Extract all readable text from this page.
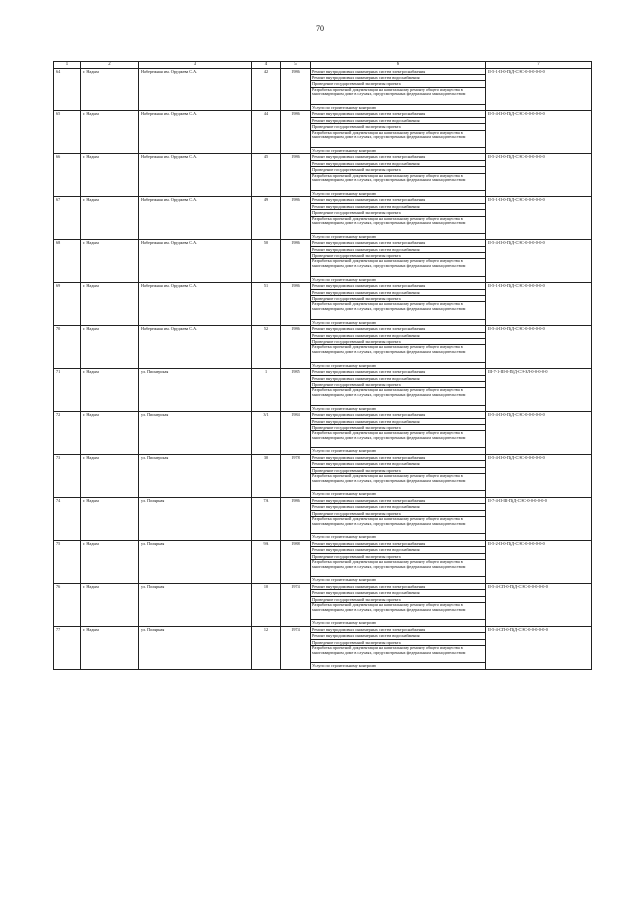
70
1	2	3	4	5	6	7
64	г. Надым	Набережная им. Оруджева С.А.	42	1986	Ремонт внутридомовых инженерных систем электроснабжения	II-5-1-II-0-П(Д-СЭС-0-0-0-0-0-0
					Ремонт внутридомовых инженерных систем водоснабжения	
					Проведение государственной экспертизы проекта	
					Разработка проектной документации на капитальному ремонту общего имущества в многоквартирном доме в случаях, предусмотренных федеральным законодательством	
					Услуги по строительному контролю	
65	г. Надым	Набережная им. Оруджева С.А.	44	1986	Ремонт внутридомовых инженерных систем электроснабжения	II-5-4-II-0-П(Д-СЭС-0-0-0-0-0-0
					Ремонт внутридомовых инженерных систем водоснабжения	
					Проведение государственной экспертизы проекта	
					Разработка проектной документации на капитальному ремонту общего имущества в многоквартирном доме в случаях, предусмотренных федеральным законодательством	
					Услуги по строительному контролю	
66	г. Надым	Набережная им. Оруджева С.А.	45	1986	Ремонт внутридомовых инженерных систем электроснабжения	II-5-2-II-0-П(Д-СЭС-0-0-0-0-0-0
					Ремонт внутридомовых инженерных систем водоснабжения	
					Проведение государственной экспертизы проекта	
					Разработка проектной документации на капитальному ремонту общего имущества в многоквартирном доме в случаях, предусмотренных федеральным законодательством	
					Услуги по строительному контролю	
67	г. Надым	Набережная им. Оруджева С.А.	49	1986	Ремонт внутридомовых инженерных систем электроснабжения	II-5-1-II-0-П(Д-СЭС-0-0-0-0-0-0
					Ремонт внутридомовых инженерных систем водоснабжения	
					Проведение государственной экспертизы проекта	
					Разработка проектной документации на капитальному ремонту общего имущества в многоквартирном доме в случаях, предусмотренных федеральным законодательством	
					Услуги по строительному контролю	
68	г. Надым	Набережная им. Оруджева С.А.	50	1986	Ремонт внутридомовых инженерных систем электроснабжения	II-5-4-II-0-П(Д-СЭС-0-0-0-0-0-0
					Ремонт внутридомовых инженерных систем водоснабжения	
					Проведение государственной экспертизы проекта	
					Разработка проектной документации на капитальному ремонту общего имущества в многоквартирном доме в случаях, предусмотренных федеральным законодательством	
					Услуги по строительному контролю	
69	г. Надым	Набережная им. Оруджева С.А.	51	1986	Ремонт внутридомовых инженерных систем электроснабжения	II-5-1-II-0-П(Д-СЭС-0-0-0-0-0-0
					Ремонт внутридомовых инженерных систем водоснабжения	
					Проведение государственной экспертизы проекта	
					Разработка проектной документации на капитальному ремонту общего имущества в многоквартирном доме в случаях, предусмотренных федеральным законодательством	
					Услуги по строительному контролю	
70	г. Надым	Набережная им. Оруджева С.А.	52	1986	Ремонт внутридомовых инженерных систем электроснабжения	II-5-4-II-0-П(Д-СЭС-0-0-0-0-0-0
					Ремонт внутридомовых инженерных систем водоснабжения	
					Проведение государственной экспертизы проекта	
					Разработка проектной документации на капитальному ремонту общего имущества в многоквартирном доме в случаях, предусмотренных федеральным законодательством	
					Услуги по строительному контролю	
71	г. Надым	ул. Пионерская	1	1985	Ремонт внутридомовых инженерных систем электроснабжения	III-7-1-III-0-П(Д-СЭ-ЗЛ-0-0-0-0-0
					Ремонт внутридомовых инженерных систем водоснабжения	
					Проведение государственной экспертизы проекта	
					Разработка проектной документации на капитальному ремонту общего имущества в многоквартирном доме в случаях, предусмотренных федеральным законодательством	
					Услуги по строительному контролю	
72	г. Надым	ул. Пионерская	3/1	1984	Ремонт внутридомовых инженерных систем электроснабжения	II-5-4-II-0-П(Д-СЭС-0-0-0-0-0-0
					Ремонт внутридомовых инженерных систем водоснабжения	
					Проведение государственной экспертизы проекта	
					Разработка проектной документации на капитальному ремонту общего имущества в многоквартирном доме в случаях, предусмотренных федеральным законодательством	
					Услуги по строительному контролю	
73	г. Надым	ул. Пионерская	30	1978	Ремонт внутридомовых инженерных систем электроснабжения	II-5-4-II-0-П(Д-СЭС-0-0-0-0-0-0
					Ремонт внутридомовых инженерных систем водоснабжения	
					Проведение государственной экспертизы проекта	
					Разработка проектной документации на капитальному ремонту общего имущества в многоквартирном доме в случаях, предусмотренных федеральным законодательством	
					Услуги по строительному контролю	
74	г. Надым	ул. Полярная	7А	1986	Ремонт внутридомовых инженерных систем электроснабжения	II-7-4-II-III-П(Д-СЭС-0-0-0-0-0-0
					Ремонт внутридомовых инженерных систем водоснабжения	
					Проведение государственной экспертизы проекта	
					Разработка проектной документации на капитальному ремонту общего имущества в многоквартирном доме в случаях, предусмотренных федеральным законодательством	
					Услуги по строительному контролю	
75	г. Надым	ул. Полярная	9А	1988	Ремонт внутридомовых инженерных систем электроснабжения	II-5-2-II-0-П(Д-СЭС-0-0-0-0-0-0
					Ремонт внутридомовых инженерных систем водоснабжения	
					Проведение государственной экспертизы проекта	
					Разработка проектной документации на капитальному ремонту общего имущества в многоквартирном доме в случаях, предусмотренных федеральным законодательством	
					Услуги по строительному контролю	
76	г. Надым	ул. Полярная	10	1974	Ремонт внутридомовых инженерных систем электроснабжения	II-5-4-СП-0-П(Д-СЭС-0-0-0-0-0-0
					Ремонт внутридомовых инженерных систем водоснабжения	
					Проведение государственной экспертизы проекта	
					Разработка проектной документации на капитальному ремонту общего имущества в многоквартирном доме в случаях, предусмотренных федеральным законодательством	
					Услуги по строительному контролю	
77	г. Надым	ул. Полярная	12	1974	Ремонт внутридомовых инженерных систем электроснабжения	II-5-4-СП-0-П(Д-СЭС-0-0-0-0-0-0
					Ремонт внутридомовых инженерных систем водоснабжения	
					Проведение государственной экспертизы проекта	
					Разработка проектной документации на капитальному ремонту общего имущества в многоквартирном доме в случаях, предусмотренных федеральным законодательством	
					Услуги по строительному контролю	
